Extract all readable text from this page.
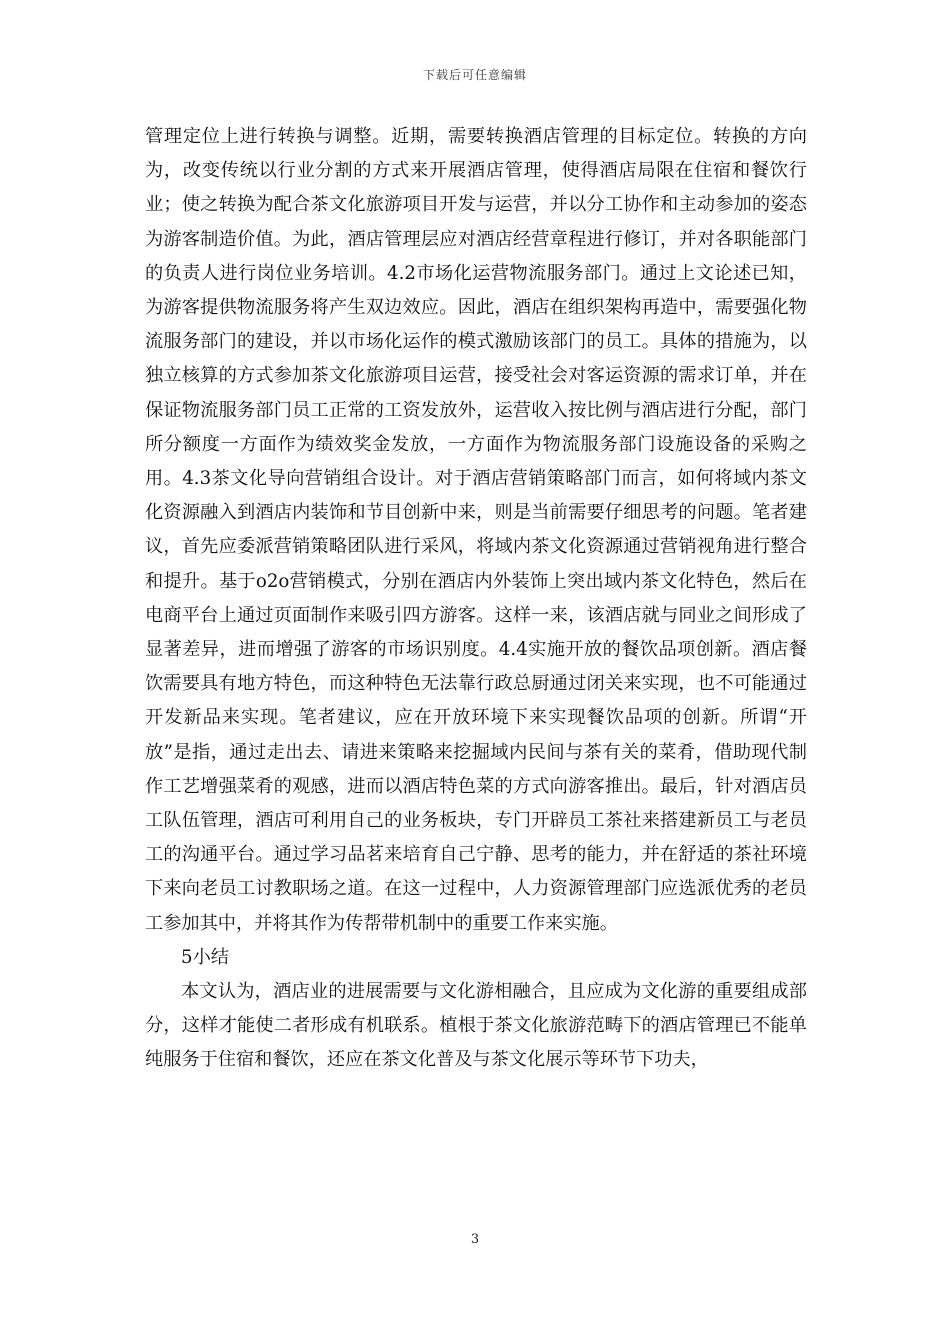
下载后可任意编辑

管理定位上进行转换与调整。近期，需要转换酒店管理的目标定位。转换的方向为，改变传统以行业分割的方式来开展酒店管理，使得酒店局限在住宿和餐饮行业；使之转换为配合茶文化旅游项目开发与运营，并以分工协作和主动参加的姿态为游客制造价值。为此，酒店管理层应对酒店经营章程进行修订，并对各职能部门的负责人进行岗位业务培训。4.2市场化运营物流服务部门。通过上文论述已知，为游客提供物流服务将产生双边效应。因此，酒店在组织架构再造中，需要强化物流服务部门的建设，并以市场化运作的模式激励该部门的员工。具体的措施为，以独立核算的方式参加茶文化旅游项目运营，接受社会对客运资源的需求订单，并在保证物流服务部门员工正常的工资发放外，运营收入按比例与酒店进行分配，部门所分额度一方面作为绩效奖金发放，一方面作为物流服务部门设施设备的采购之用。4.3茶文化导向营销组合设计。对于酒店营销策略部门而言，如何将域内茶文化资源融入到酒店内装饰和节目创新中来，则是当前需要仔细思考的问题。笔者建议，首先应委派营销策略团队进行采风，将域内茶文化资源通过营销视角进行整合和提升。基于o2o营销模式，分别在酒店内外装饰上突出域内茶文化特色，然后在电商平台上通过页面制作来吸引四方游客。这样一来，该酒店就与同业之间形成了显著差异，进而增强了游客的市场识别度。4.4实施开放的餐饮品项创新。酒店餐饮需要具有地方特色，而这种特色无法靠行政总厨通过闭关来实现，也不可能通过开发新品来实现。笔者建议，应在开放环境下来实现餐饮品项的创新。所谓“开放”是指，通过走出去、请进来策略来挖掘域内民间与茶有关的菜肴，借助现代制作工艺增强菜肴的观感，进而以酒店特色菜的方式向游客推出。最后，针对酒店员工队伍管理，酒店可利用自己的业务板块，专门开辟员工茶社来搭建新员工与老员工的沟通平台。通过学习品茗来培育自己宁静、思考的能力，并在舒适的茶社环境下来向老员工讨教职场之道。在这一过程中，人力资源管理部门应选派优秀的老员工参加其中，并将其作为传帮带机制中的重要工作来实施。

5小结

本文认为，酒店业的进展需要与文化游相融合，且应成为文化游的重要组成部分，这样才能使二者形成有机联系。植根于茶文化旅游范畴下的酒店管理已不能单纯服务于住宿和餐饮，还应在茶文化普及与茶文化展示等环节下功夫，

3
